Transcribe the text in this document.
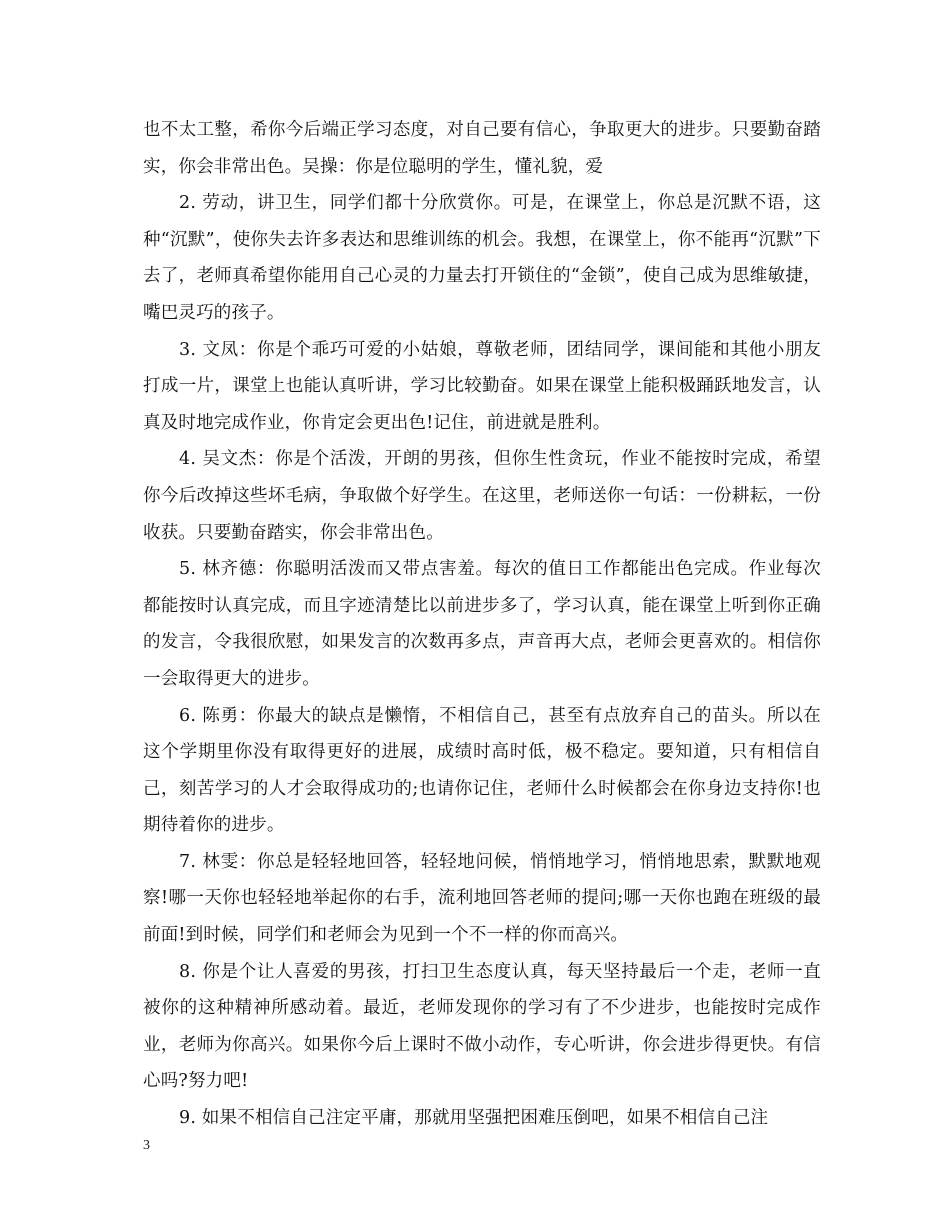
也不太工整，希你今后端正学习态度，对自己要有信心，争取更大的进步。只要勤奋踏实，你会非常出色。吴操：你是位聪明的学生，懂礼貌，爱

2. 劳动，讲卫生，同学们都十分欣赏你。可是，在课堂上，你总是沉默不语，这种“沉默”，使你失去许多表达和思维训练的机会。我想，在课堂上，你不能再“沉默”下去了，老师真希望你能用自己心灵的力量去打开锁住的“金锁”，使自己成为思维敏捷，嘴巴灵巧的孩子。

3. 文凤：你是个乖巧可爱的小姑娘，尊敬老师，团结同学，课间能和其他小朋友打成一片，课堂上也能认真听讲，学习比较勤奋。如果在课堂上能积极踊跃地发言，认真及时地完成作业，你肯定会更出色!记住，前进就是胜利。

4. 吴文杰：你是个活泼，开朗的男孩，但你生性贪玩，作业不能按时完成，希望你今后改掉这些坏毛病，争取做个好学生。在这里，老师送你一句话：一份耕耘，一份收获。只要勤奋踏实，你会非常出色。

5. 林齐德：你聪明活泼而又带点害羞。每次的值日工作都能出色完成。作业每次都能按时认真完成，而且字迹清楚比以前进步多了，学习认真，能在课堂上听到你正确的发言，令我很欣慰，如果发言的次数再多点，声音再大点，老师会更喜欢的。相信你一会取得更大的进步。

6. 陈勇：你最大的缺点是懒惰，不相信自己，甚至有点放弃自己的苗头。所以在这个学期里你没有取得更好的进展，成绩时高时低，极不稳定。要知道，只有相信自己，刻苦学习的人才会取得成功的;也请你记住，老师什么时候都会在你身边支持你!也期待着你的进步。

7. 林雯：你总是轻轻地回答，轻轻地问候，悄悄地学习，悄悄地思索，默默地观察!哪一天你也轻轻地举起你的右手，流利地回答老师的提问;哪一天你也跑在班级的最前面!到时候，同学们和老师会为见到一个不一样的你而高兴。

8. 你是个让人喜爱的男孩，打扫卫生态度认真，每天坚持最后一个走，老师一直被你的这种精神所感动着。最近，老师发现你的学习有了不少进步，也能按时完成作业，老师为你高兴。如果你今后上课时不做小动作，专心听讲，你会进步得更快。有信心吗?努力吧!

9. 如果不相信自己注定平庸，那就用坚强把困难压倒吧，如果不相信自己注

3
